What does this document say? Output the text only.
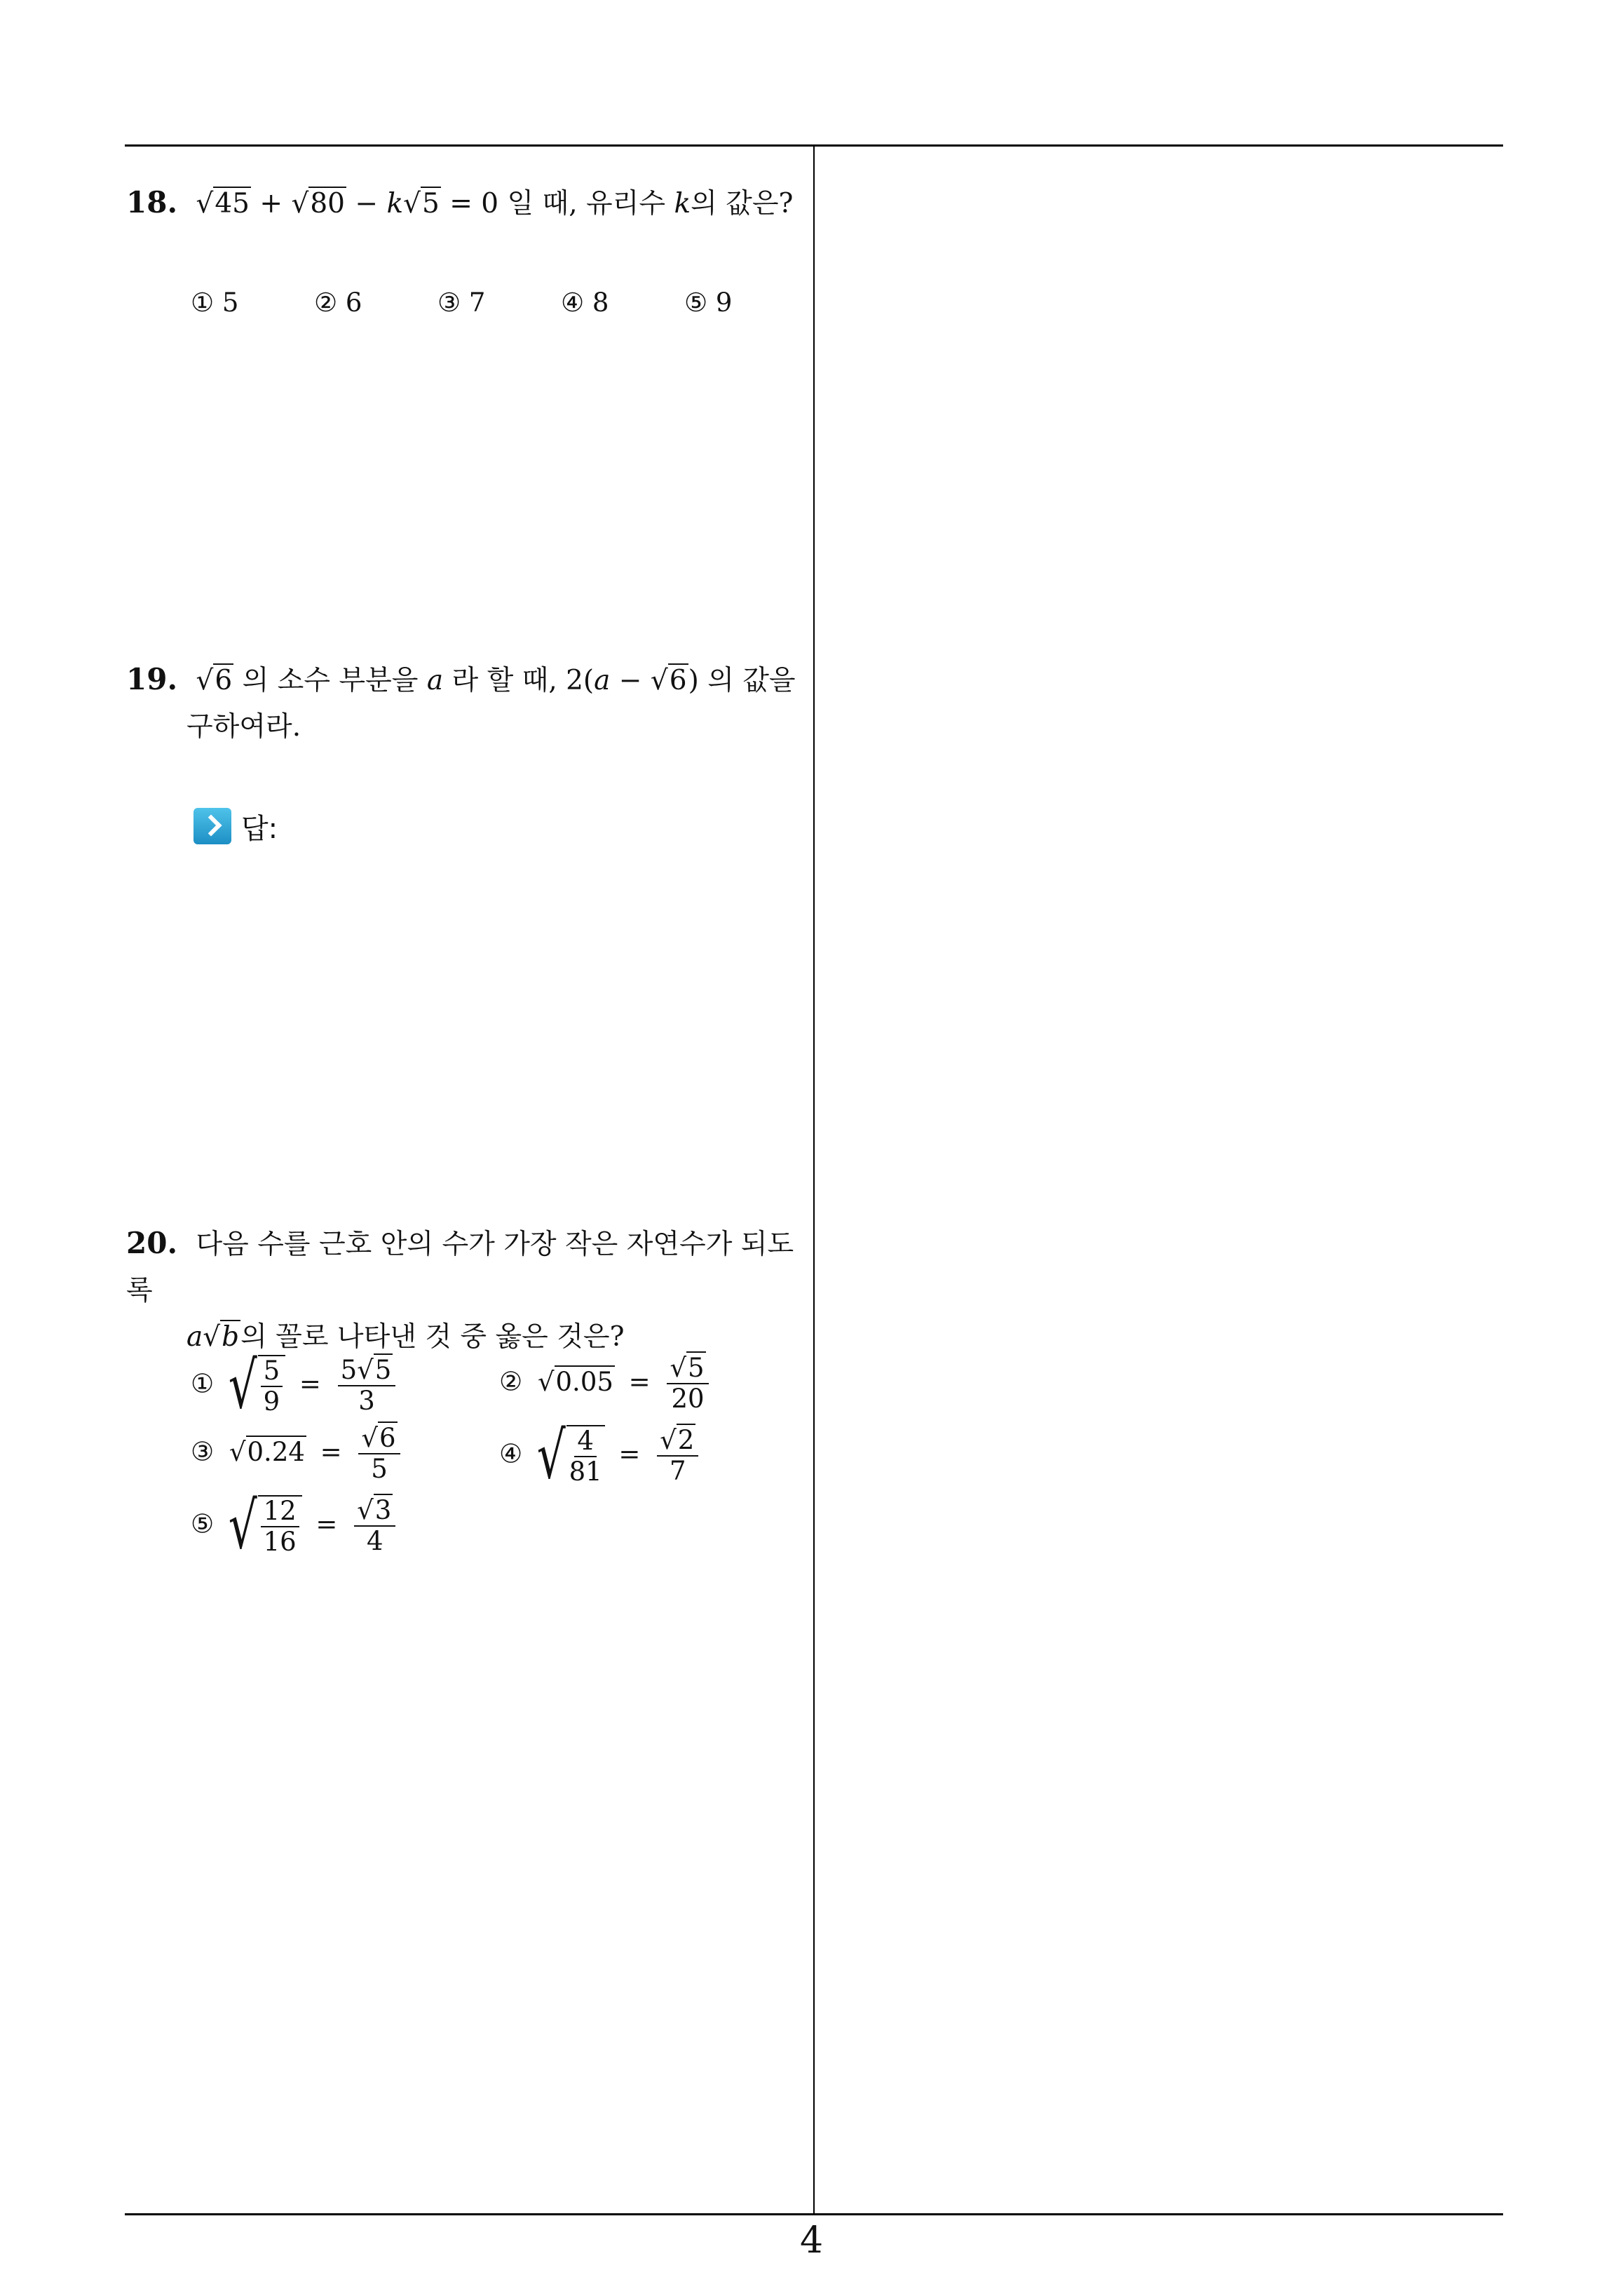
18. √45 + √80 − k√5 = 0 일 때, 유리수 k의 값은?
① 5	② 6	③ 7	④ 8	⑤ 9
19. √6 의 소수 부분을 a 라 할 때, 2(a − √6) 의 값을
구하여라.
답:
20. 다음 수를 근호 안의 수가 가장 작은 자연수가 되도록
a√b의 꼴로 나타낸 것 중 옳은 것은?
① √ $\frac{5}{9} = \frac{5√5}{3}$	② $√0.05 = \frac{√5}{20}$
③ $√0.24 = \frac{√6}{5}$	④ √ $\frac{4}{81} = \frac{√2}{7}$
⑤ √ $\frac{12}{16} = \frac{√3}{4}$
4
